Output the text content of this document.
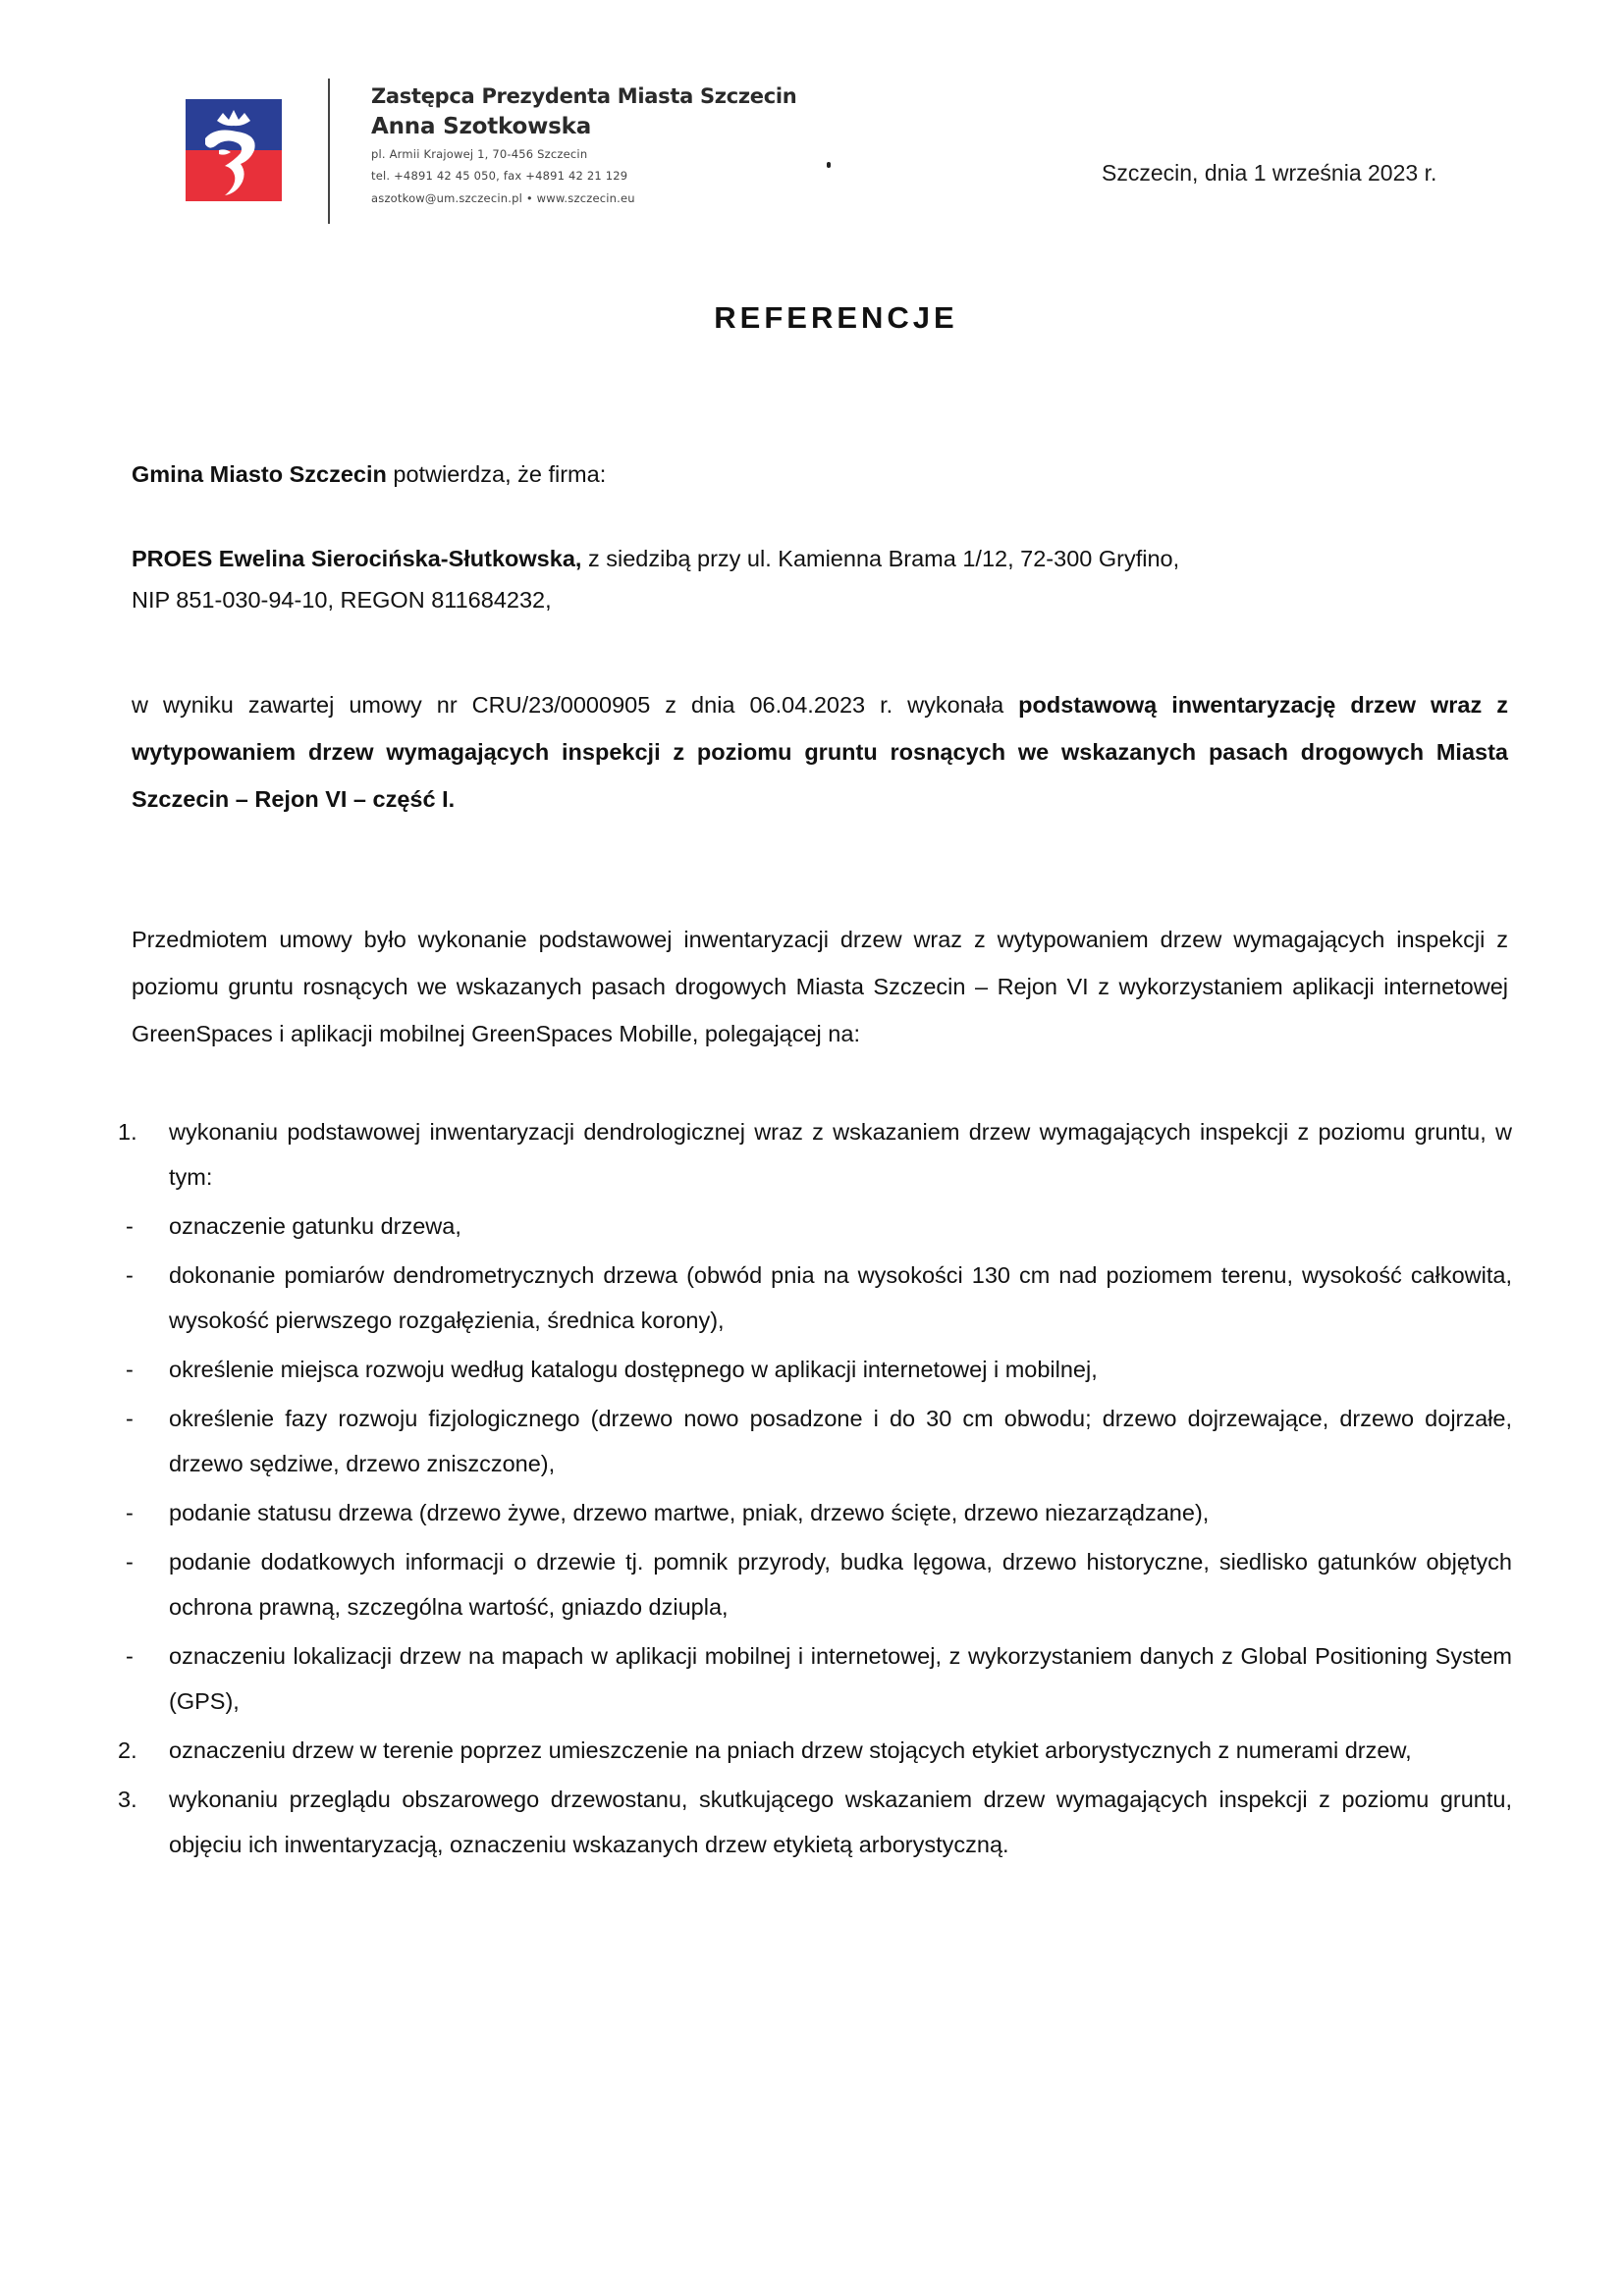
Zastępca Prezydenta Miasta Szczecin
Anna Szotkowska
pl. Armii Krajowej 1, 70-456 Szczecin
tel. +4891 42 45 050, fax +4891 42 21 129
aszotkow@um.szczecin.pl • www.szczecin.eu
Szczecin, dnia 1 września 2023 r.
REFERENCJE
Gmina Miasto Szczecin potwierdza, że firma:
PROES Ewelina Sierocińska-Słutkowska, z siedzibą przy ul. Kamienna Brama 1/12, 72-300 Gryfino,
NIP 851-030-94-10, REGON 811684232,
w wyniku zawartej umowy nr CRU/23/0000905 z dnia 06.04.2023 r. wykonała podstawową inwentaryzację drzew wraz z wytypowaniem drzew wymagających inspekcji z poziomu gruntu rosnących we wskazanych pasach drogowych Miasta Szczecin – Rejon VI – część I.
Przedmiotem umowy było wykonanie podstawowej inwentaryzacji drzew wraz z wytypowaniem drzew wymagających inspekcji z poziomu gruntu rosnących we wskazanych pasach drogowych Miasta Szczecin – Rejon VI z wykorzystaniem aplikacji internetowej GreenSpaces i aplikacji mobilnej GreenSpaces Mobille, polegającej na:
1.	wykonaniu podstawowej inwentaryzacji dendrologicznej wraz z wskazaniem drzew wymagających inspekcji z poziomu gruntu, w tym:
-	oznaczenie gatunku drzewa,
-	dokonanie pomiarów dendrometrycznych drzewa (obwód pnia na wysokości 130 cm nad poziomem terenu, wysokość całkowita, wysokość pierwszego rozgałęzienia, średnica korony),
-	określenie miejsca rozwoju według katalogu dostępnego w aplikacji internetowej i mobilnej,
-	określenie fazy rozwoju fizjologicznego (drzewo nowo posadzone i do 30 cm obwodu; drzewo dojrzewające, drzewo dojrzałe, drzewo sędziwe, drzewo zniszczone),
-	podanie statusu drzewa (drzewo żywe, drzewo martwe, pniak, drzewo ścięte, drzewo niezarządzane),
-	podanie dodatkowych informacji o drzewie tj. pomnik przyrody, budka lęgowa, drzewo historyczne, siedlisko gatunków objętych ochrona prawną, szczególna wartość, gniazdo dziupla,
-	oznaczeniu lokalizacji drzew na mapach w aplikacji mobilnej i internetowej, z wykorzystaniem danych z Global Positioning System (GPS),
2.	oznaczeniu drzew w terenie poprzez umieszczenie na pniach drzew stojących etykiet arborystycznych z numerami drzew,
3.	wykonaniu przeglądu obszarowego drzewostanu, skutkującego wskazaniem drzew wymagających inspekcji z poziomu gruntu, objęciu ich inwentaryzacją, oznaczeniu wskazanych drzew etykietą arborystyczną.
